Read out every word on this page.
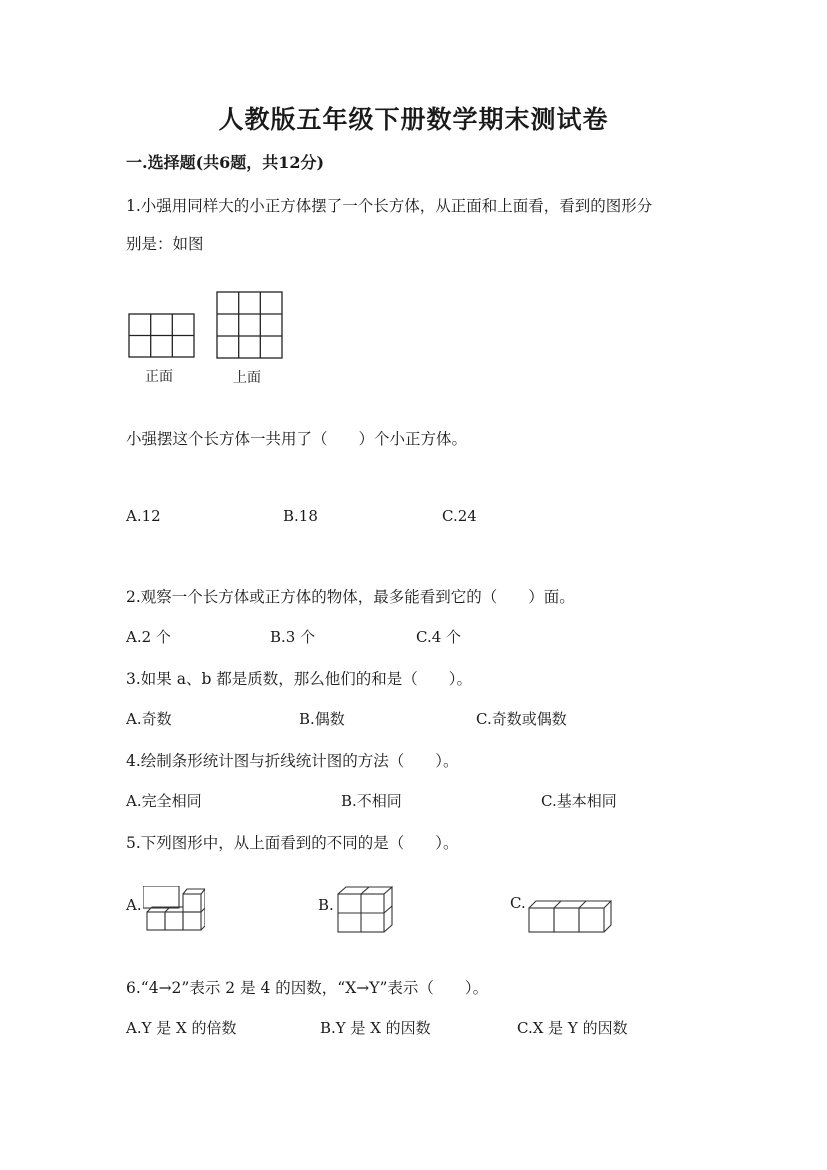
人教版五年级下册数学期末测试卷
一.选择题(共6题，共12分)
1.小强用同样大的小正方体摆了一个长方体，从正面和上面看，看到的图形分
别是：如图
正面	上面
小强摆这个长方体一共用了（　　）个小正方体。
A.12	B.18	C.24
2.观察一个长方体或正方体的物体，最多能看到它的（　　）面。
A.2 个	B.3 个	C.4 个
3.如果 a、b 都是质数，那么他们的和是（　　）。
A.奇数	B.偶数	C.奇数或偶数
4.绘制条形统计图与折线统计图的方法（　　）。
A.完全相同	B.不相同	C.基本相同
5.下列图形中，从上面看到的不同的是（　　）。
A.	B.	C.
6.“4→2”表示 2 是 4 的因数，“X→Y”表示（　　）。
A.Y 是 X 的倍数	B.Y 是 X 的因数	C.X 是 Y 的因数
